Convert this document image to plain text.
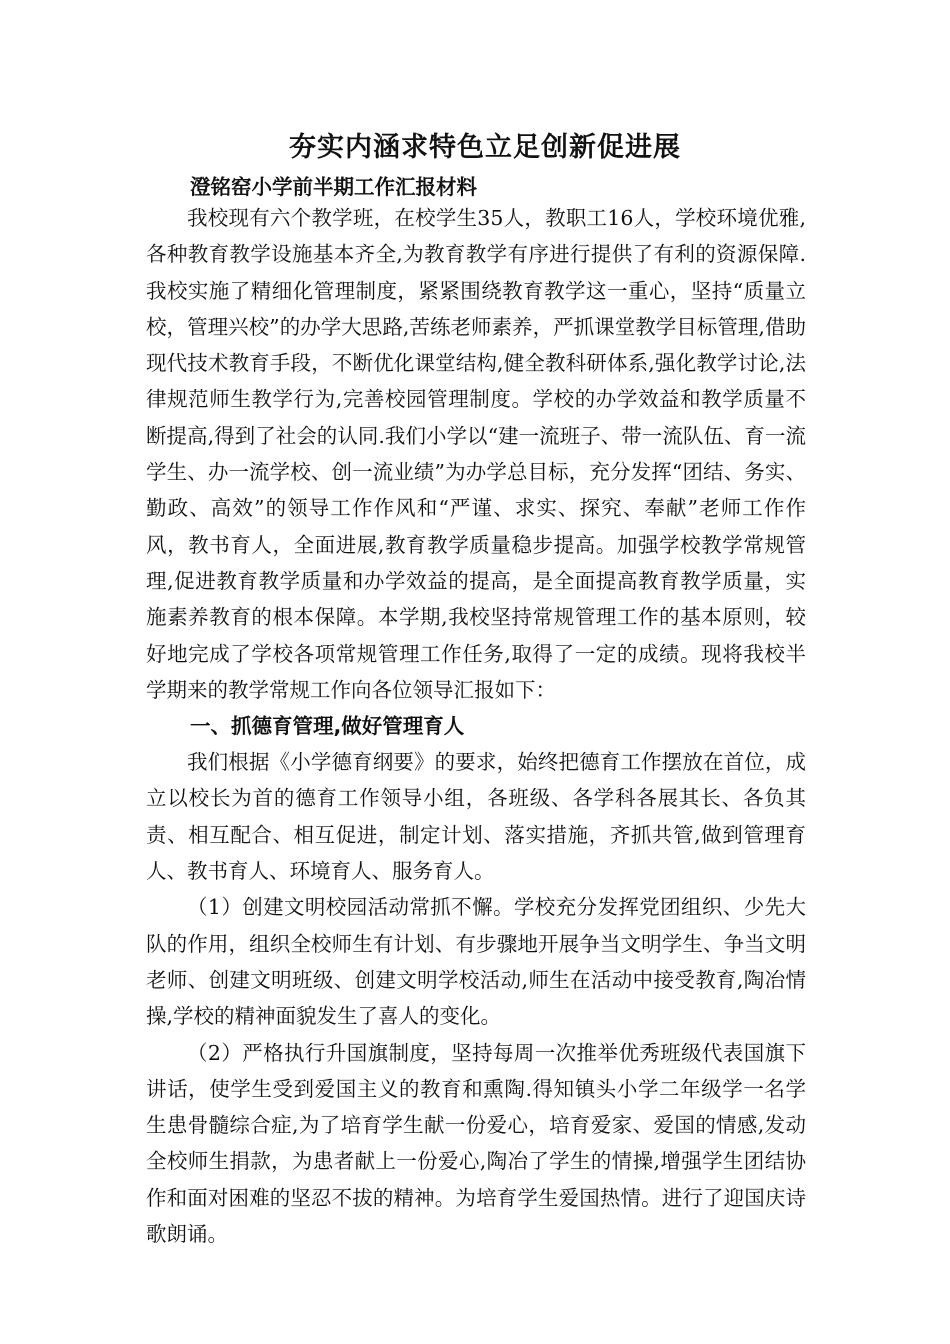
夯实内涵求特色立足创新促进展
澄铭窑小学前半期工作汇报材料

我校现有六个教学班，在校学生35人，教职工16人，学校环境优雅,各种教育教学设施基本齐全,为教育教学有序进行提供了有利的资源保障.我校实施了精细化管理制度，紧紧围绕教育教学这一重心，坚持“质量立校，管理兴校”的办学大思路,苦练老师素养，严抓课堂教学目标管理,借助现代技术教育手段，不断优化课堂结构,健全教科研体系,强化教学讨论,法律规范师生教学行为,完善校园管理制度。学校的办学效益和教学质量不断提高,得到了社会的认同.我们小学以“建一流班子、带一流队伍、育一流学生、办一流学校、创一流业绩”为办学总目标，充分发挥“团结、务实、勤政、高效”的领导工作作风和“严谨、求实、探究、奉献”老师工作作风，教书育人，全面进展,教育教学质量稳步提高。加强学校教学常规管理,促进教育教学质量和办学效益的提高，是全面提高教育教学质量，实施素养教育的根本保障。本学期,我校坚持常规管理工作的基本原则，较好地完成了学校各项常规管理工作任务,取得了一定的成绩。现将我校半学期来的教学常规工作向各位领导汇报如下：

一、抓德育管理,做好管理育人

我们根据《小学德育纲要》的要求，始终把德育工作摆放在首位，成立以校长为首的德育工作领导小组，各班级、各学科各展其长、各负其责、相互配合、相互促进，制定计划、落实措施，齐抓共管,做到管理育人、教书育人、环境育人、服务育人。

（1）创建文明校园活动常抓不懈。学校充分发挥党团组织、少先大队的作用，组织全校师生有计划、有步骤地开展争当文明学生、争当文明老师、创建文明班级、创建文明学校活动,师生在活动中接受教育,陶冶情操,学校的精神面貌发生了喜人的变化。

（2）严格执行升国旗制度，坚持每周一次推举优秀班级代表国旗下讲话，使学生受到爱国主义的教育和熏陶.得知镇头小学二年级学一名学生患骨髓综合症,为了培育学生献一份爱心，培育爱家、爱国的情感,发动全校师生捐款，为患者献上一份爱心,陶冶了学生的情操,增强学生团结协作和面对困难的坚忍不拔的精神。为培育学生爱国热情。进行了迎国庆诗歌朗诵。
